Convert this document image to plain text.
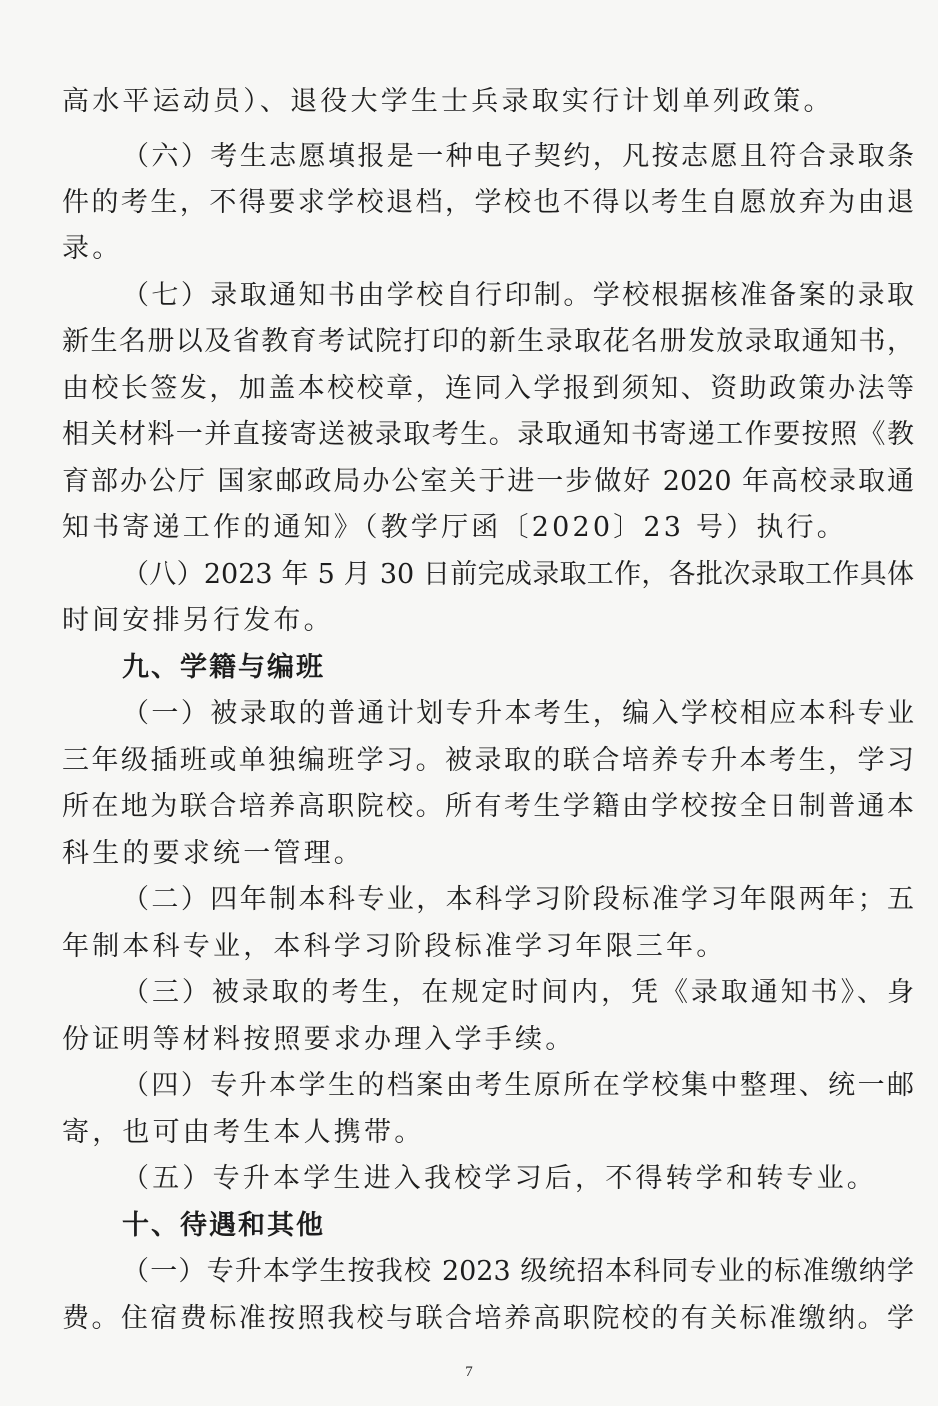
高水平运动员）、退役大学生士兵录取实行计划单列政策。
（六）考生志愿填报是一种电子契约，凡按志愿且符合录取条
件的考生，不得要求学校退档，学校也不得以考生自愿放弃为由退
录。
（七）录取通知书由学校自行印制。学校根据核准备案的录取
新生名册以及省教育考试院打印的新生录取花名册发放录取通知书，
由校长签发，加盖本校校章，连同入学报到须知、资助政策办法等
相关材料一并直接寄送被录取考生。录取通知书寄递工作要按照《教
育部办公厅 国家邮政局办公室关于进一步做好 2020 年高校录取通
知书寄递工作的通知》（教学厅函〔2020〕23 号）执行。
（八）2023 年 5 月 30 日前完成录取工作，各批次录取工作具体
时间安排另行发布。
九、学籍与编班
（一）被录取的普通计划专升本考生，编入学校相应本科专业
三年级插班或单独编班学习。被录取的联合培养专升本考生，学习
所在地为联合培养高职院校。所有考生学籍由学校按全日制普通本
科生的要求统一管理。
（二）四年制本科专业，本科学习阶段标准学习年限两年；五
年制本科专业，本科学习阶段标准学习年限三年。
（三）被录取的考生，在规定时间内，凭《录取通知书》、身
份证明等材料按照要求办理入学手续。
（四）专升本学生的档案由考生原所在学校集中整理、统一邮
寄，也可由考生本人携带。
（五）专升本学生进入我校学习后，不得转学和转专业。
十、待遇和其他
（一）专升本学生按我校 2023 级统招本科同专业的标准缴纳学
费。住宿费标准按照我校与联合培养高职院校的有关标准缴纳。学
7
